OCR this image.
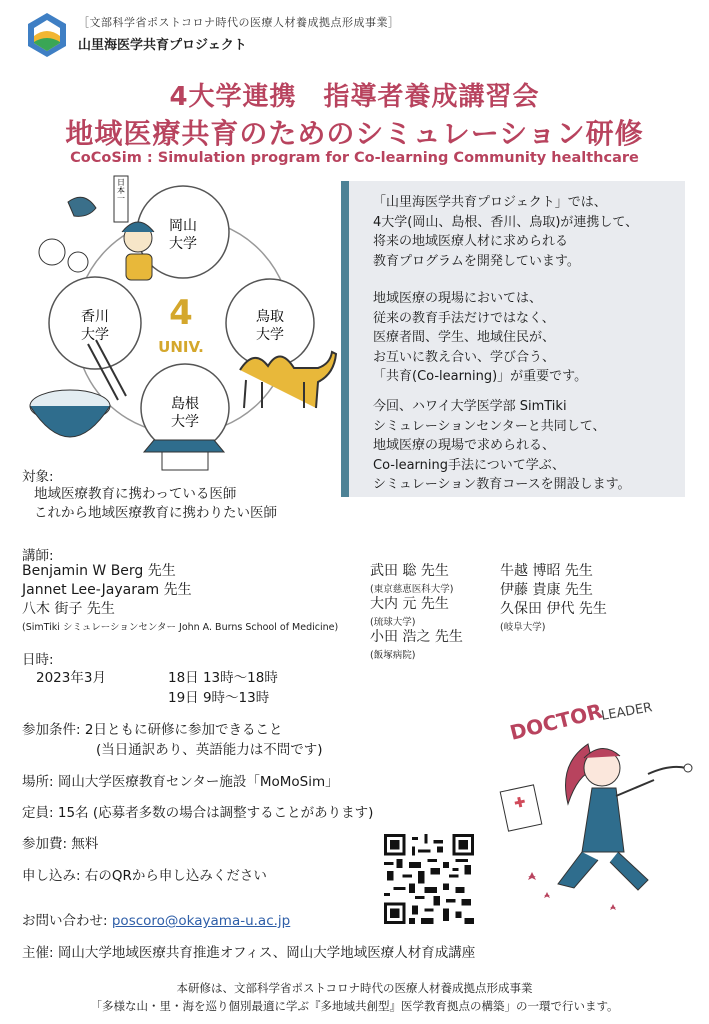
［文部科学省ポストコロナ時代の医療人材養成拠点形成事業］
山里海医学共育プロジェクト
4大学連携　指導者養成講習会
地域医療共育のためのシミュレーション研修
CoCoSim : Simulation program for Co-learning Community healthcare
岡山
大学
香川
大学
鳥取
大学
島根
大学
4
UNIV.
日本一
「山里海医学共育プロジェクト」では、
4大学(岡山、島根、香川、鳥取)が連携して、
将来の地域医療人材に求められる
教育プログラムを開発しています。
地域医療の現場においては、
従来の教育手法だけではなく、
医療者間、学生、地域住民が、
お互いに教え合い、学び合う、
「共育(Co-learning)」が重要です。
今回、ハワイ大学医学部 SimTiki
シミュレーションセンターと共同して、
地域医療の現場で求められる、
Co-learning手法について学ぶ、
シミュレーション教育コースを開設します。
対象:
地域医療教育に携わっている医師
これから地域医療教育に携わりたい医師
講師:
Benjamin W Berg 先生
Jannet Lee-Jayaram 先生
八木 街子 先生
(SimTiki シミュレーションセンター John A. Burns School of Medicine)
武田 聡 先生
(東京慈恵医科大学)
大内 元 先生
(琉球大学)
小田 浩之 先生
(飯塚病院)
牛越 博昭 先生
伊藤 貴康 先生
久保田 伊代 先生
(岐阜大学)
日時:
2023年3月	18日 13時〜18時
19日 9時〜13時
参加条件: 2日ともに研修に参加できること
(当日通訳あり、英語能力は不問です)
場所: 岡山大学医療教育センター施設「MoMoSim」
定員: 15名 (応募者多数の場合は調整することがあります)
参加費: 無料
申し込み: 右のQRから申し込みください
お問い合わせ: poscoro@okayama-u.ac.jp
主催: 岡山大学地域医療共育推進オフィス、岡山大学地域医療人材育成講座
DOCTOR
LEADER
本研修は、文部科学省ポストコロナ時代の医療人材養成拠点形成事業
「多様な山・里・海を巡り個別最適に学ぶ『多地域共創型』医学教育拠点の構築」の一環で行います。
